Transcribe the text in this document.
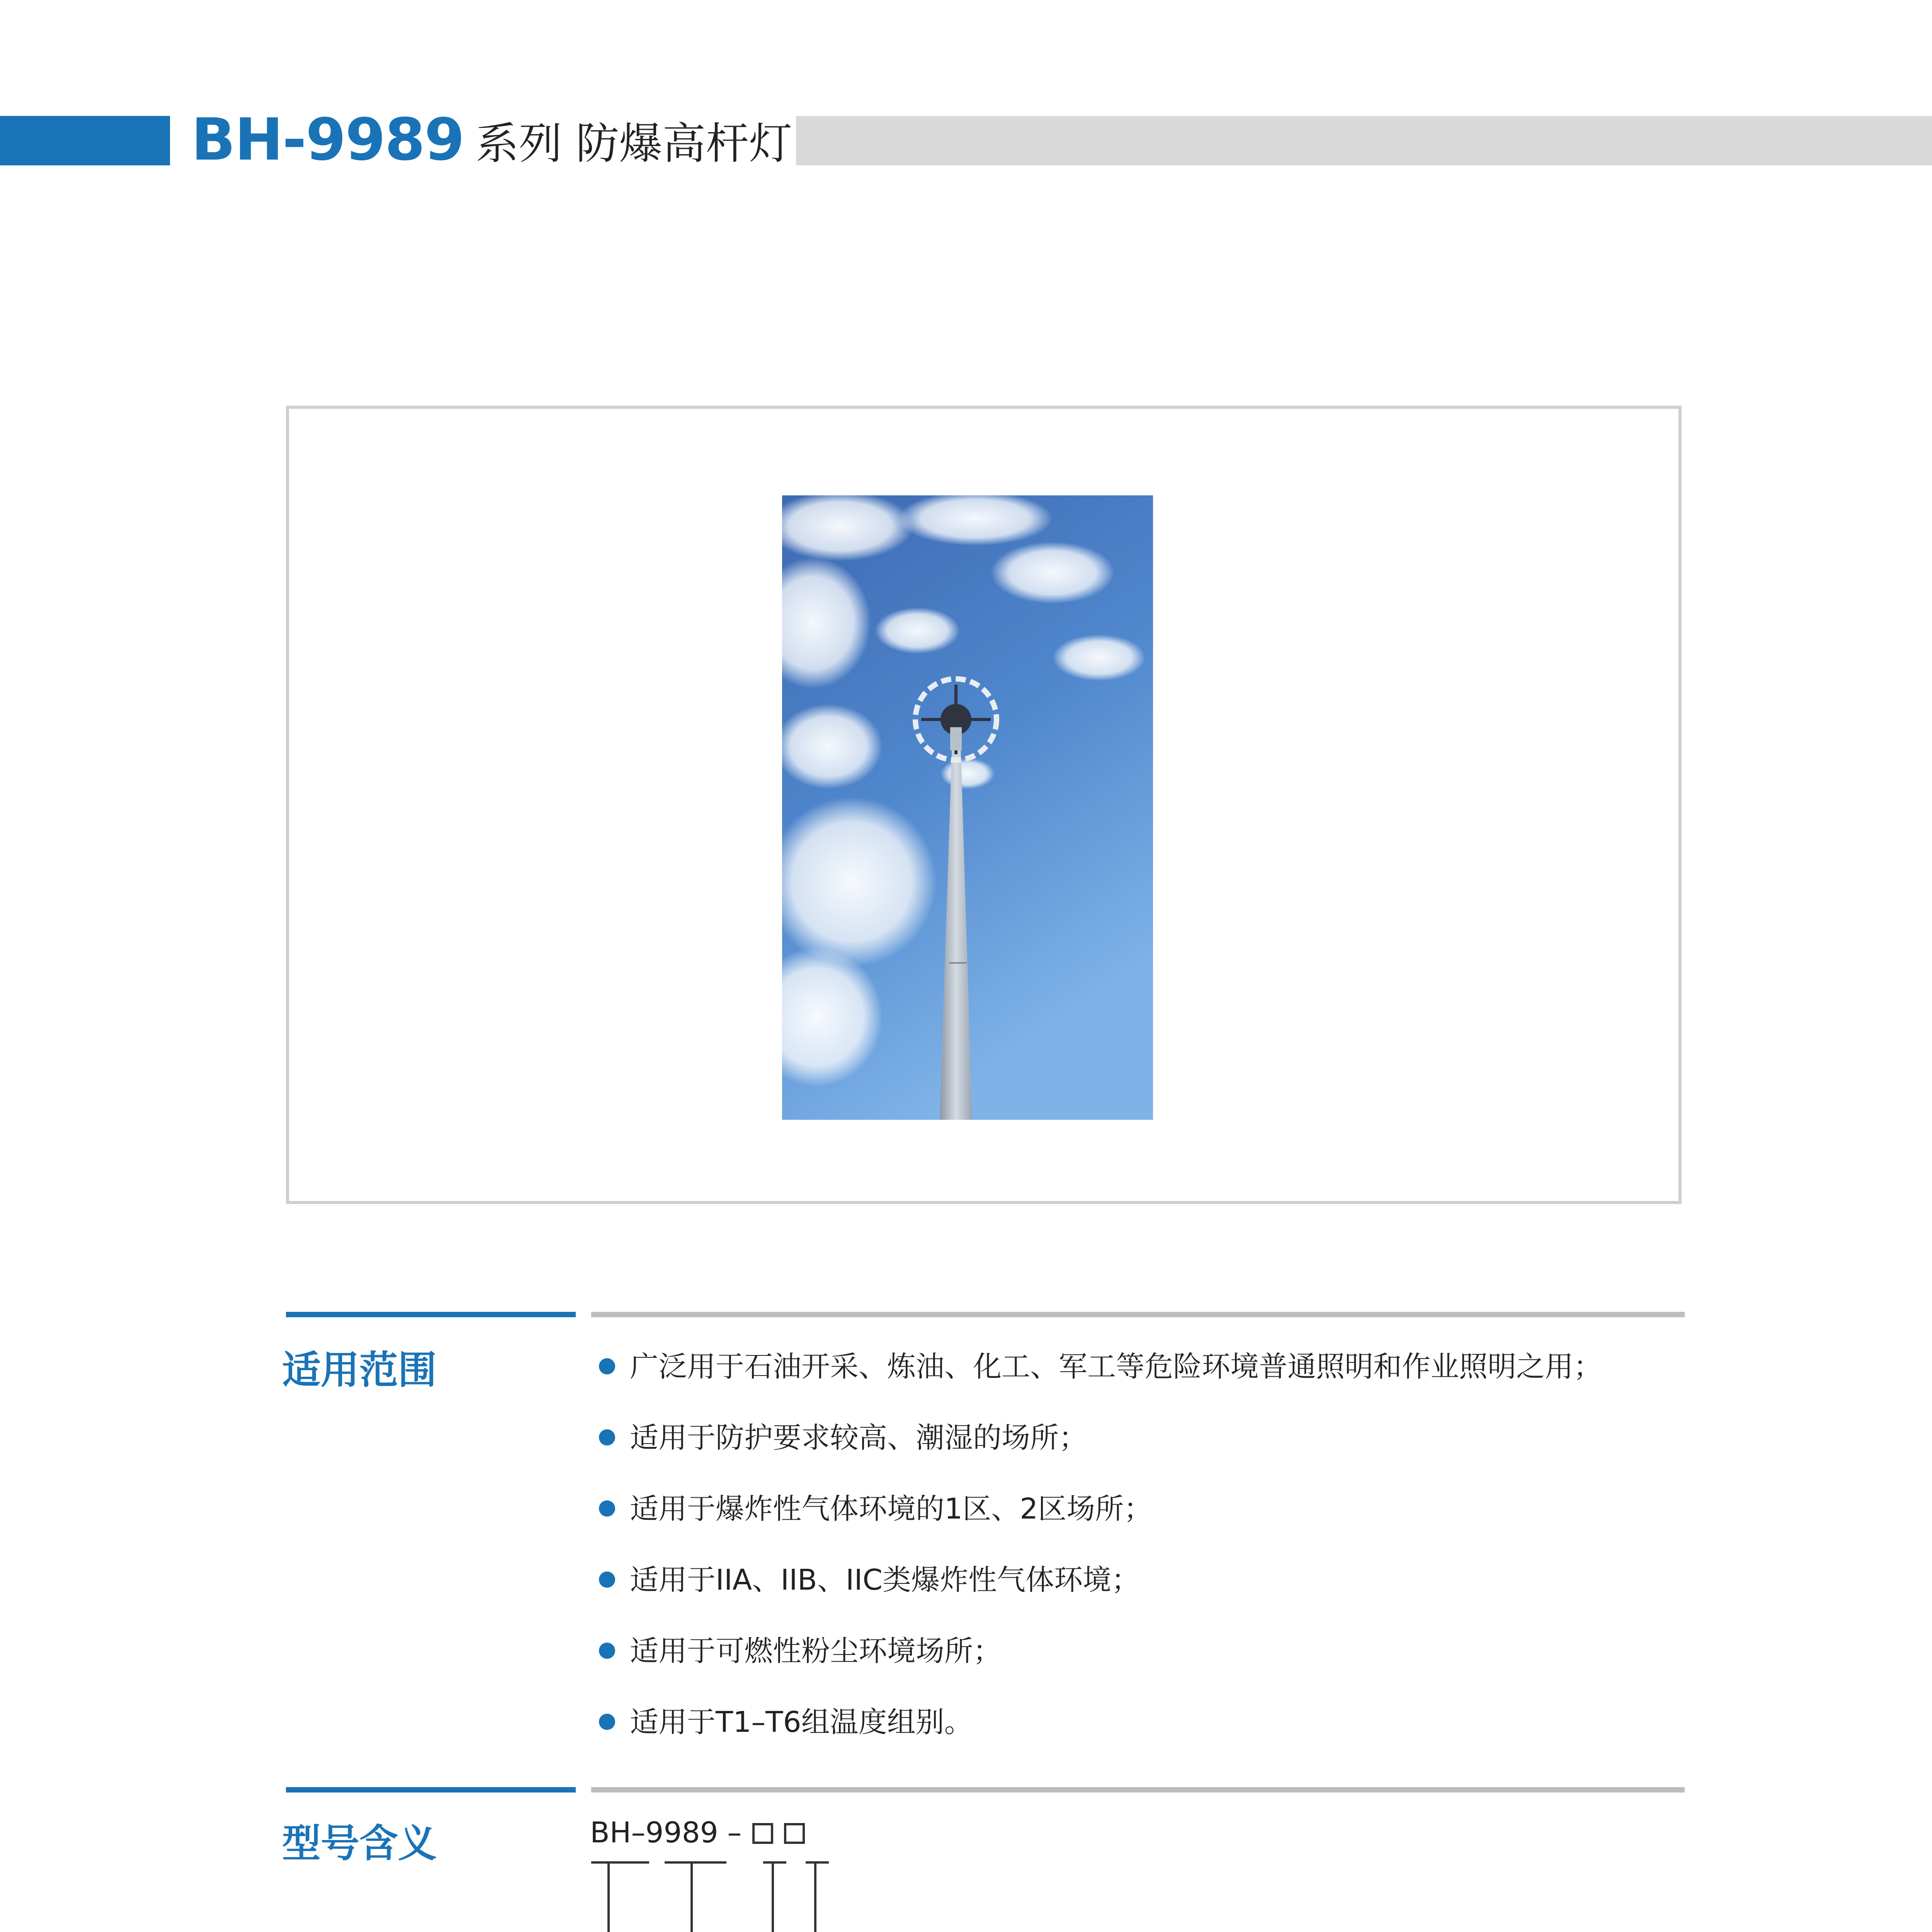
BH-9989 系列 防爆高杆灯
适用范围	广泛用于石油开采、炼油、化工、军工等危险环境普通照明和作业照明之用；
适用于防护要求较高、潮湿的场所；
适用于爆炸性气体环境的1区、2区场所；
适用于IIA、IIB、IIC类爆炸性气体环境；
适用于可燃性粉尘环境场所；
适用于T1–T6组温度组别。
型号含义	BH–9989 –
